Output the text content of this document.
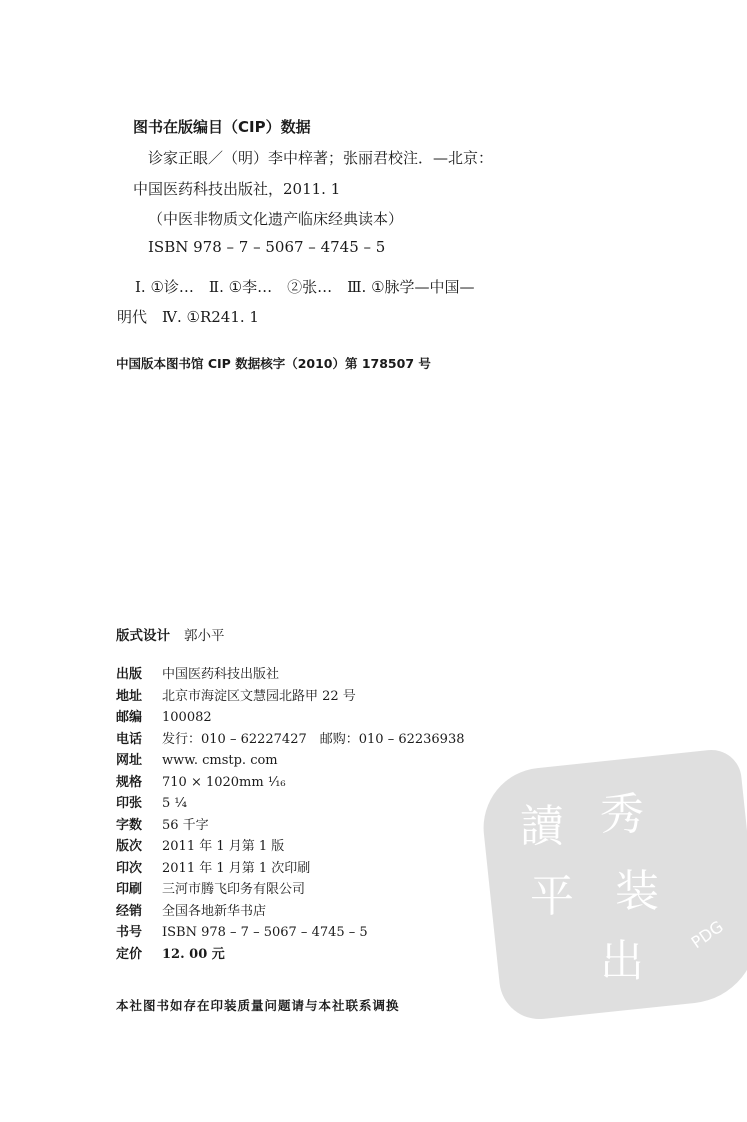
图书在版编目（CIP）数据
诊家正眼／（明）李中梓著；张丽君校注．—北京：
中国医药科技出版社，2011. 1
（中医非物质文化遗产临床经典读本）
ISBN 978 – 7 – 5067 – 4745 – 5
Ⅰ. ①诊…　Ⅱ. ①李…　②张…　Ⅲ. ①脉学—中国—
明代　Ⅳ. ①R241. 1
中国版本图书馆 CIP 数据核字（2010）第 178507 号
版式设计 郭小平
讀 秀
平 装
出
PDG
出版 中国医药科技出版社
地址 北京市海淀区文慧园北路甲 22 号
邮编 100082
电话 发行：010 – 62227427　邮购：010 – 62236938
网址 www. cmstp. com
规格 710 × 1020mm ¹⁄₁₆
印张 5 ¹⁄₄
字数 56 千字
版次 2011 年 1 月第 1 版
印次 2011 年 1 月第 1 次印刷
印刷 三河市腾飞印务有限公司
经销 全国各地新华书店
书号 ISBN 978 – 7 – 5067 – 4745 – 5
定价 12. 00 元
本社图书如存在印装质量问题请与本社联系调换
